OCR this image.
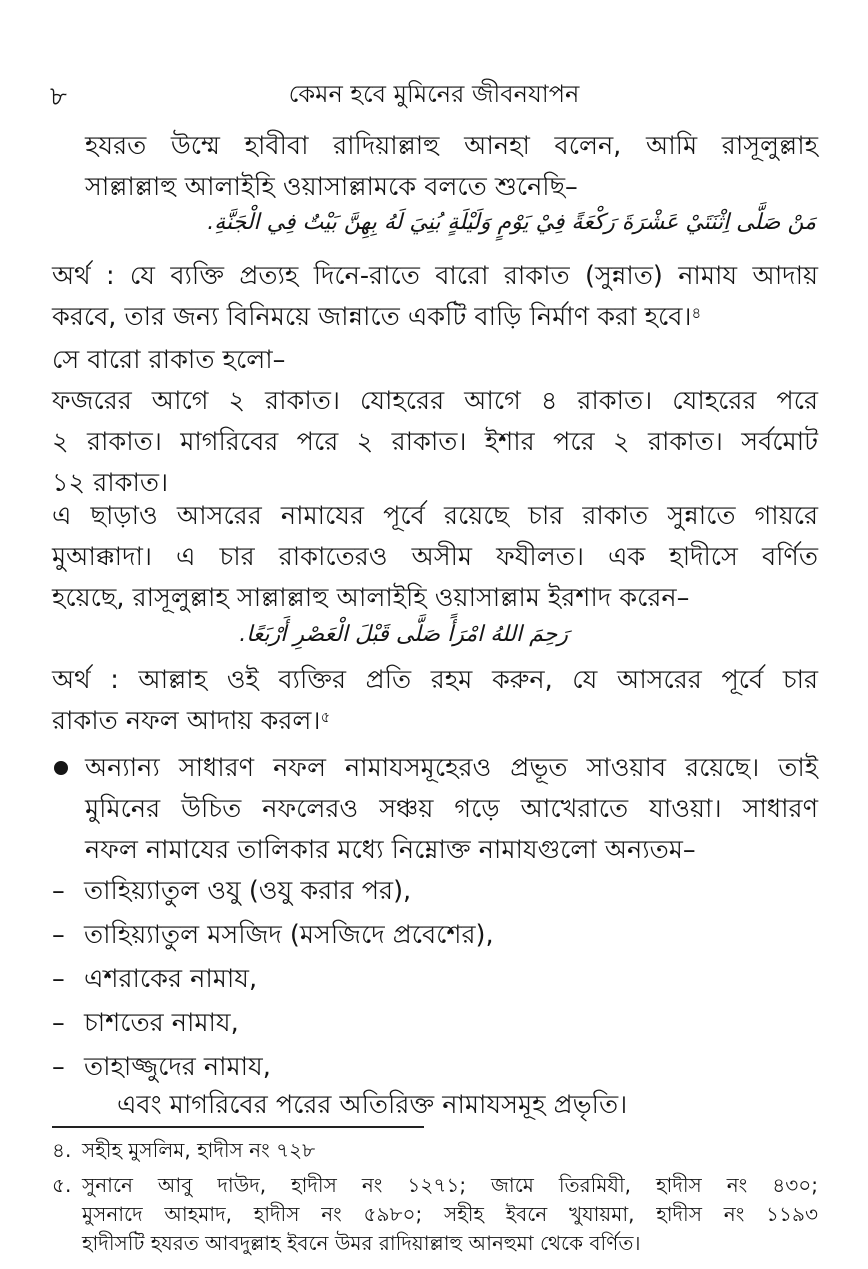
৮	কেমন হবে মুমিনের জীবনযাপন
হযরত উম্মে হাবীবা রাদিয়াল্লাহু আনহা বলেন, আমি রাসূলুল্লাহ
সাল্লাল্লাহু আলাইহি ওয়াসাল্লামকে বলতে শুনেছি–
مَنْ صَلَّى اِثْنَتَيْ عَشْرَةَ رَكْعَةً فِيْ يَوْمٍ وَلَيْلَةٍ بُنِيَ لَهُ بِهِنَّ بَيْتٌ فِي الْجَنَّةِ.
অর্থ : যে ব্যক্তি প্রত্যহ দিনে-রাতে বারো রাকাত (সুন্নাত) নামায আদায়
করবে, তার জন্য বিনিময়ে জান্নাতে একটি বাড়ি নির্মাণ করা হবে।$^৪$
সে বারো রাকাত হলো–
ফজরের আগে ২ রাকাত। যোহরের আগে ৪ রাকাত। যোহরের পরে
২ রাকাত। মাগরিবের পরে ২ রাকাত। ইশার পরে ২ রাকাত। সর্বমোট
১২ রাকাত।
এ ছাড়াও আসরের নামাযের পূর্বে রয়েছে চার রাকাত সুন্নাতে গায়রে
মুআক্কাদা। এ চার রাকাতেরও অসীম ফযীলত। এক হাদীসে বর্ণিত
হয়েছে, রাসূলুল্লাহ সাল্লাল্লাহু আলাইহি ওয়াসাল্লাম ইরশাদ করেন–
رَحِمَ اللهُ امْرَأً صَلَّى قَبْلَ الْعَصْرِ أَرْبَعًا.
অর্থ : আল্লাহ ওই ব্যক্তির প্রতি রহম করুন, যে আসরের পূর্বে চার
রাকাত নফল আদায় করল।$^৫$
অন্যান্য সাধারণ নফল নামাযসমূহেরও প্রভূত সাওয়াব রয়েছে। তাই
মুমিনের উচিত নফলেরও সঞ্চয় গড়ে আখেরাতে যাওয়া। সাধারণ
নফল নামাযের তালিকার মধ্যে নিম্নোক্ত নামাযগুলো অন্যতম–
– তাহিয়্যাতুল ওযু (ওযু করার পর),
– তাহিয়্যাতুল মসজিদ (মসজিদে প্রবেশের),
– এশরাকের নামায,
– চাশতের নামায,
– তাহাজ্জুদের নামায,
এবং মাগরিবের পরের অতিরিক্ত নামাযসমূহ প্রভৃতি।
৪. সহীহ মুসলিম, হাদীস নং ৭২৮
৫. সুনানে আবু দাউদ, হাদীস নং ১২৭১; জামে তিরমিযী, হাদীস নং ৪৩০;
মুসনাদে আহমাদ, হাদীস নং ৫৯৮০; সহীহ ইবনে খুযায়মা, হাদীস নং ১১৯৩
হাদীসটি হযরত আবদুল্লাহ ইবনে উমর রাদিয়াল্লাহু আনহুমা থেকে বর্ণিত।
